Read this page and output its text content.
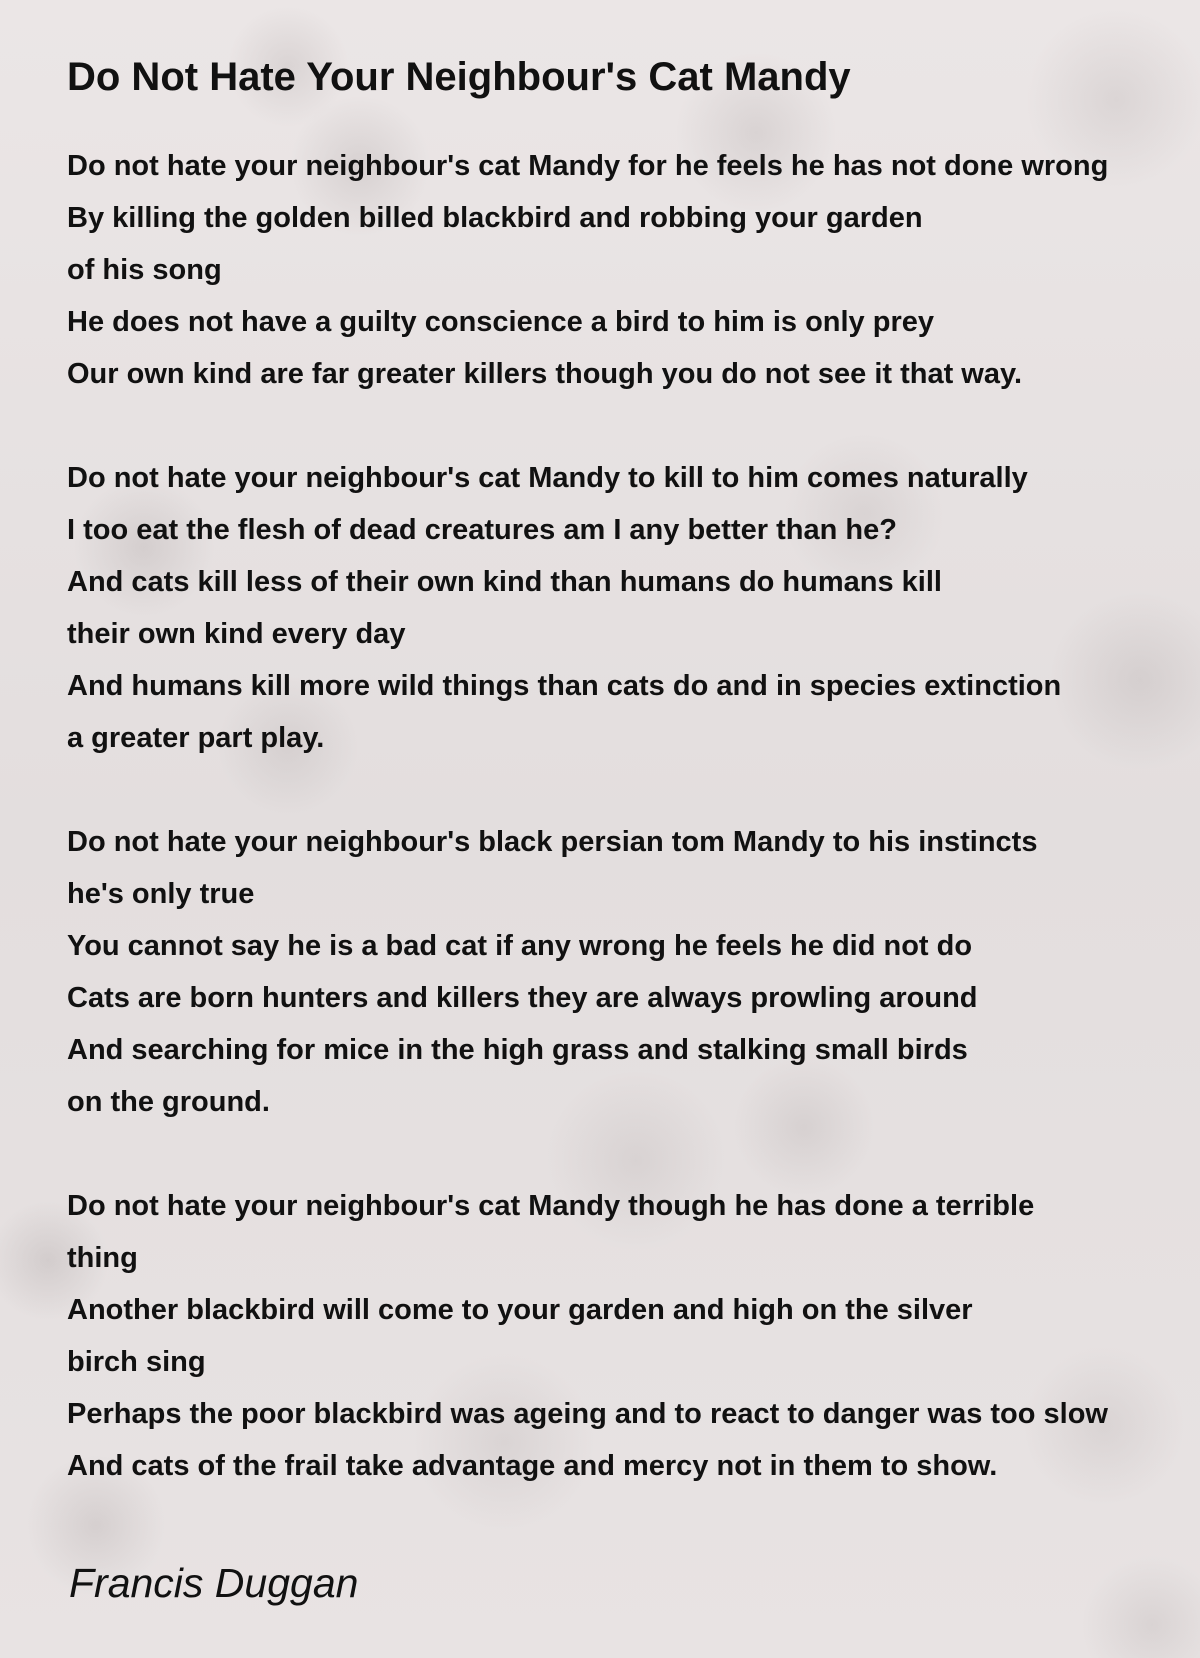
Do Not Hate Your Neighbour's Cat Mandy
Do not hate your neighbour's cat Mandy for he feels he has not done wrong
By killing the golden billed blackbird and robbing your garden
of his song
He does not have a guilty conscience a bird to him is only prey
Our own kind are far greater killers though you do not see it that way.
Do not hate your neighbour's cat Mandy to kill to him comes naturally
I too eat the flesh of dead creatures am I any better than he?
And cats kill less of their own kind than humans do humans kill
their own kind every day
And humans kill more wild things than cats do and in species extinction
a greater part play.
Do not hate your neighbour's black persian tom Mandy to his instincts
he's only true
You cannot say he is a bad cat if any wrong he feels he did not do
Cats are born hunters and killers they are always prowling around
And searching for mice in the high grass and stalking small birds
on the ground.
Do not hate your neighbour's cat Mandy though he has done a terrible
thing
Another blackbird will come to your garden and high on the silver
birch sing
Perhaps the poor blackbird was ageing and to react to danger was too slow
And cats of the frail take advantage and mercy not in them to show.
Francis Duggan
